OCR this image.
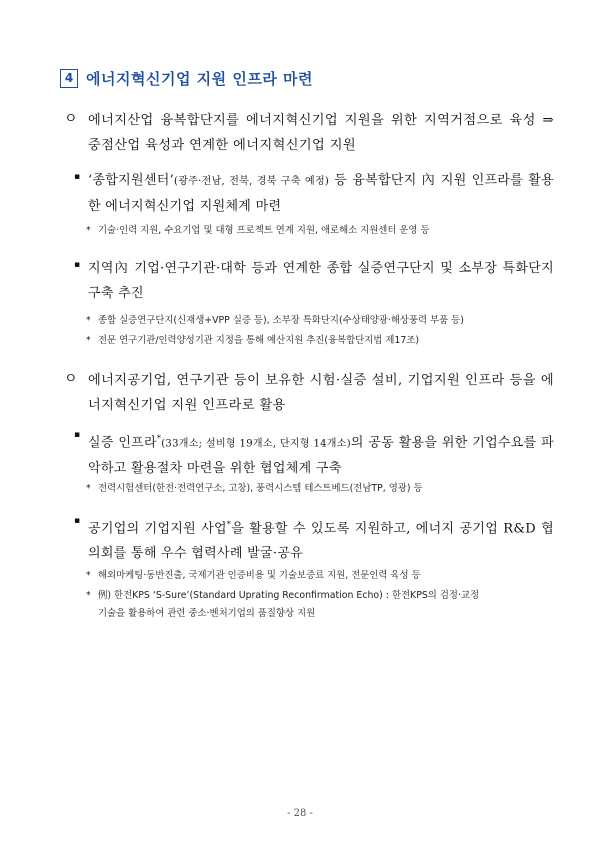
4 에너지혁신기업 지원 인프라 마련
ㅇ 에너지산업 융복합단지를 에너지혁신기업 지원을 위한 지역거점으로 육성 ⇒ 중점산업 육성과 연계한 에너지혁신기업 지원
▪ ‘종합지원센터’(광주·전남, 전북, 경북 구축 예정) 등 융복합단지 內 지원 인프라를 활용한 에너지혁신기업 지원체계 마련
* 기술·인력 지원, 수요기업 및 대형 프로젝트 연계 지원, 애로해소 지원센터 운영 등
▪ 지역內 기업·연구기관·대학 등과 연계한 종합 실증연구단지 및 소부장 특화단지 구축 추진
* 종합 실증연구단지(신재생+VPP 실증 등), 소부장 특화단지(수상태양광·해상풍력 부품 등)
* 전문 연구기관/인력양성기관 지정을 통해 예산지원 추진(융복합단지법 제17조)
ㅇ 에너지공기업, 연구기관 등이 보유한 시험·실증 설비, 기업지원 인프라 등을 에너지혁신기업 지원 인프라로 활용
▪
실증 인프라*(33개소; 설비형 19개소, 단지형 14개소)의 공동 활용을 위한 기업수요를 파악하고 활용절차 마련을 위한 협업체계 구축
* 전력시험센터(한전·전력연구소, 고창), 풍력시스템 테스트베드(전남TP, 영광) 등
▪
공기업의 기업지원 사업*을 활용할 수 있도록 지원하고, 에너지 공기업 R&D 협의회를 통해 우수 협력사례 발굴·공유
* 해외마케팅·동반진출, 국제기관 인증비용 및 기술보증료 지원, 전문인력 육성 등
* 例) 한전KPS ‘S-Sure’(Standard Uprating Reconfirmation Echo) : 한전KPS의 검정·교정
기술을 활용하여 관련 중소·벤처기업의 품질향상 지원
- 28 -
